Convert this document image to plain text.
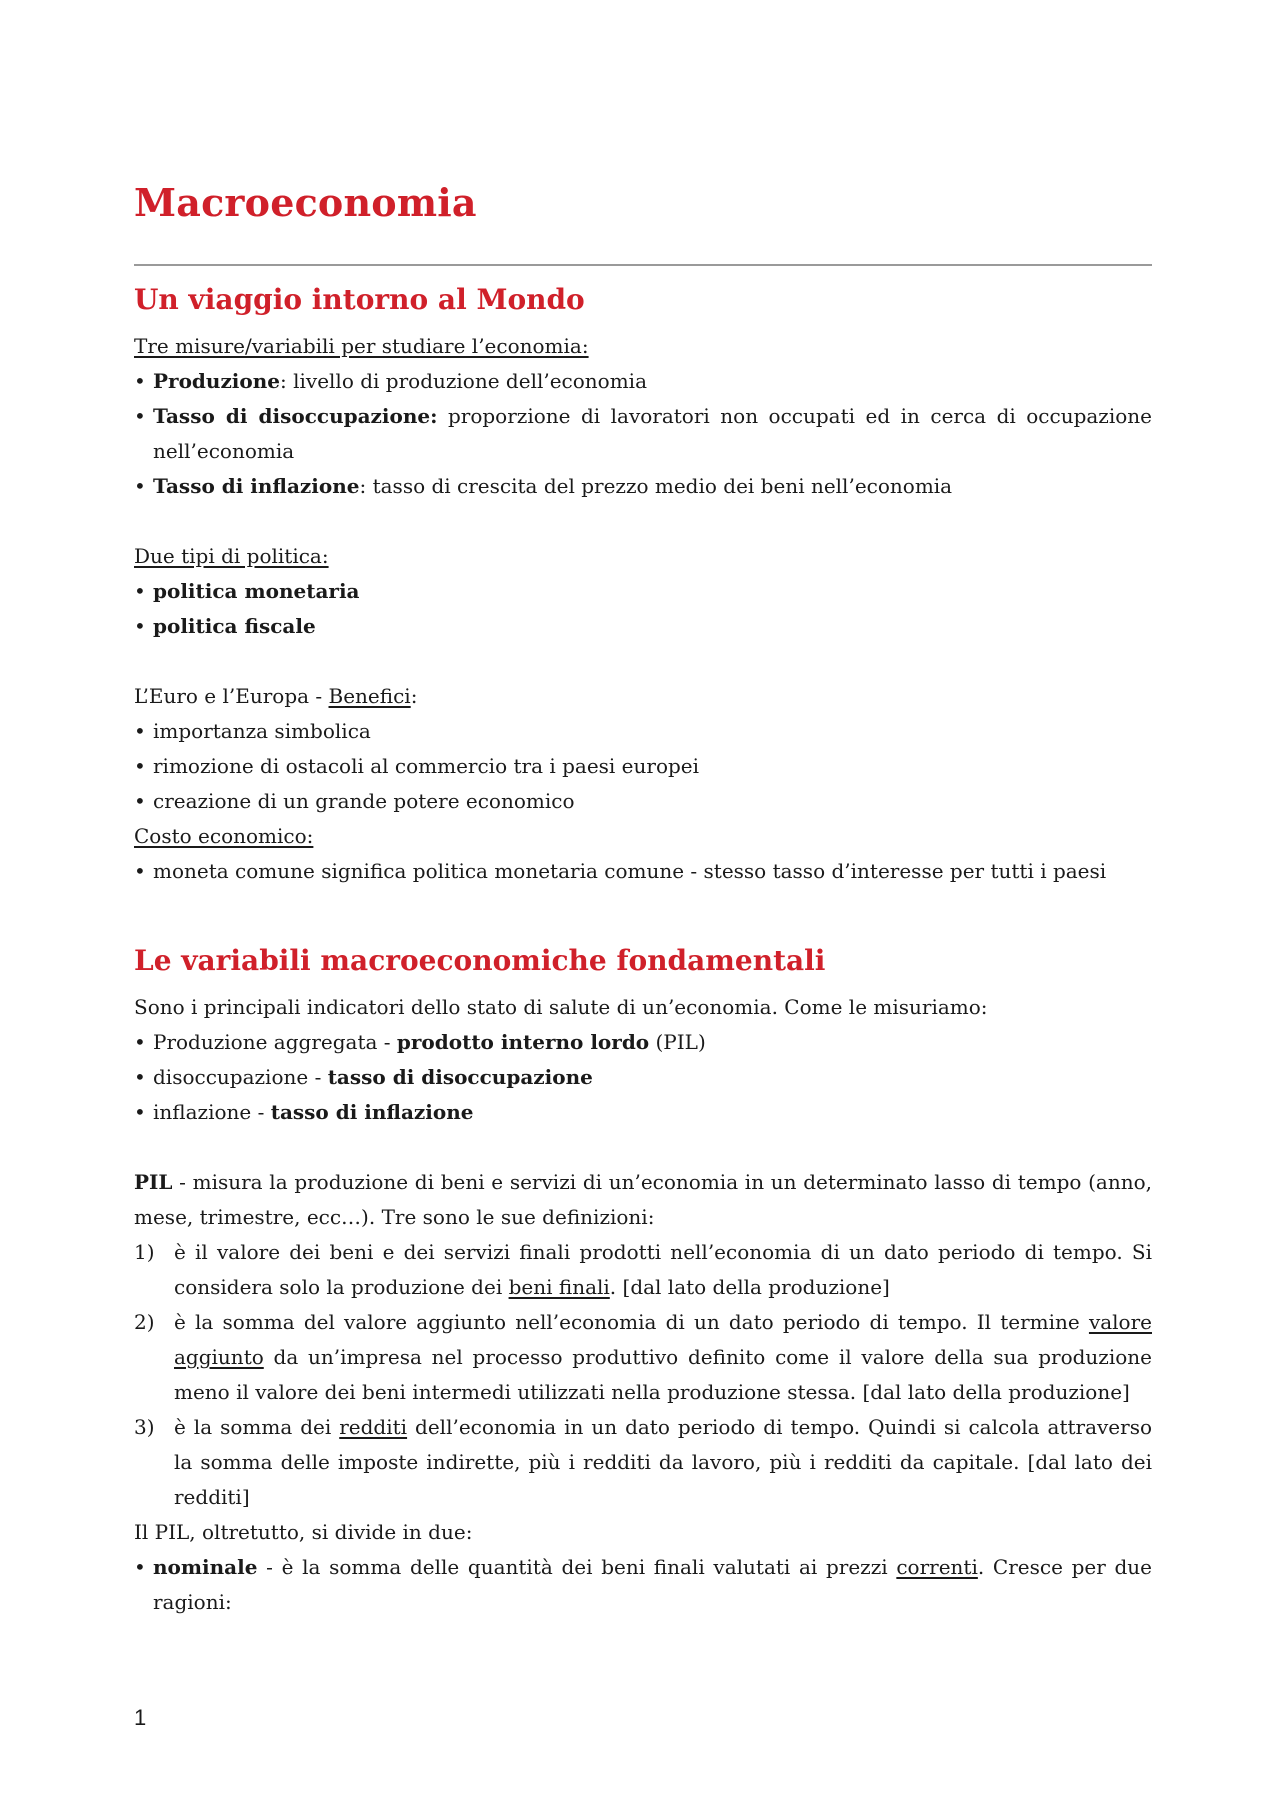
Macroeconomia
Un viaggio intorno al Mondo

Tre misure/variabili per studiare l’economia:

• Produzione: livello di produzione dell’economia
• Tasso di disoccupazione: proporzione di lavoratori non occupati ed in cerca di occupazione nell’economia
• Tasso di inflazione: tasso di crescita del prezzo medio dei beni nell’economia

Due tipi di politica:

• politica monetaria
• politica fiscale

L’Euro e l’Europa - Benefici:

• importanza simbolica
• rimozione di ostacoli al commercio tra i paesi europei
• creazione di un grande potere economico

Costo economico:

• moneta comune significa politica monetaria comune - stesso tasso d’interesse per tutti i paesi
Le variabili macroeconomiche fondamentali

Sono i principali indicatori dello stato di salute di un’economia. Come le misuriamo:

• Produzione aggregata - prodotto interno lordo (PIL)
• disoccupazione - tasso di disoccupazione
• inflazione - tasso di inflazione

PIL - misura la produzione di beni e servizi di un’economia in un determinato lasso di tempo (anno, mese, trimestre, ecc…). Tre sono le sue definizioni:

1) è il valore dei beni e dei servizi finali prodotti nell’economia di un dato periodo di tempo. Si considera solo la produzione dei beni finali. [dal lato della produzione]
2) è la somma del valore aggiunto nell’economia di un dato periodo di tempo. Il termine valore aggiunto da un’impresa nel processo produttivo definito come il valore della sua produzione meno il valore dei beni intermedi utilizzati nella produzione stessa. [dal lato della produzione]
3) è la somma dei redditi dell’economia in un dato periodo di tempo. Quindi si calcola attraverso la somma delle imposte indirette, più i redditi da lavoro, più i redditi da capitale. [dal lato dei redditi]

Il PIL, oltretutto, si divide in due:

• nominale - è la somma delle quantità dei beni finali valutati ai prezzi correnti. Cresce per due ragioni:
1
